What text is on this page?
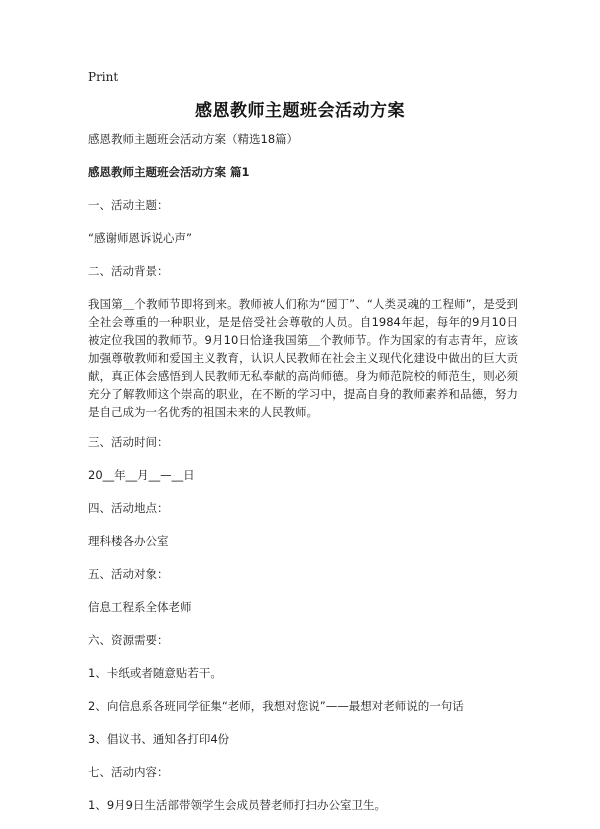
Print
感恩教师主题班会活动方案

感恩教师主题班会活动方案（精选18篇）

感恩教师主题班会活动方案 篇1

一、活动主题：

“感谢师恩诉说心声”

二、活动背景：

我国第＿个教师节即将到来。教师被人们称为“园丁”、“人类灵魂的工程师”，是受到全社会尊重的一种职业，是是倍受社会尊敬的人员。自1984年起，每年的9月10日被定位我国的教师节。9月10日恰逢我国第＿个教师节。作为国家的有志青年，应该加强尊敬教师和爱国主义教育，认识人民教师在社会主义现代化建设中做出的巨大贡献，真正体会感悟到人民教师无私奉献的高尚师德。身为师范院校的师范生，则必须充分了解教师这个崇高的职业，在不断的学习中，提高自身的教师素养和品德，努力是自己成为一名优秀的祖国未来的人民教师。

三、活动时间：

20__年__月__—__日

四、活动地点：

理科楼各办公室

五、活动对象：

信息工程系全体老师

六、资源需要：

1、卡纸或者随意贴若干。

2、向信息系各班同学征集“老师，我想对您说”——最想对老师说的一句话

3、倡议书、通知各打印4份

七、活动内容：

1、9月9日生活部带领学生会成员替老师打扫办公室卫生。
